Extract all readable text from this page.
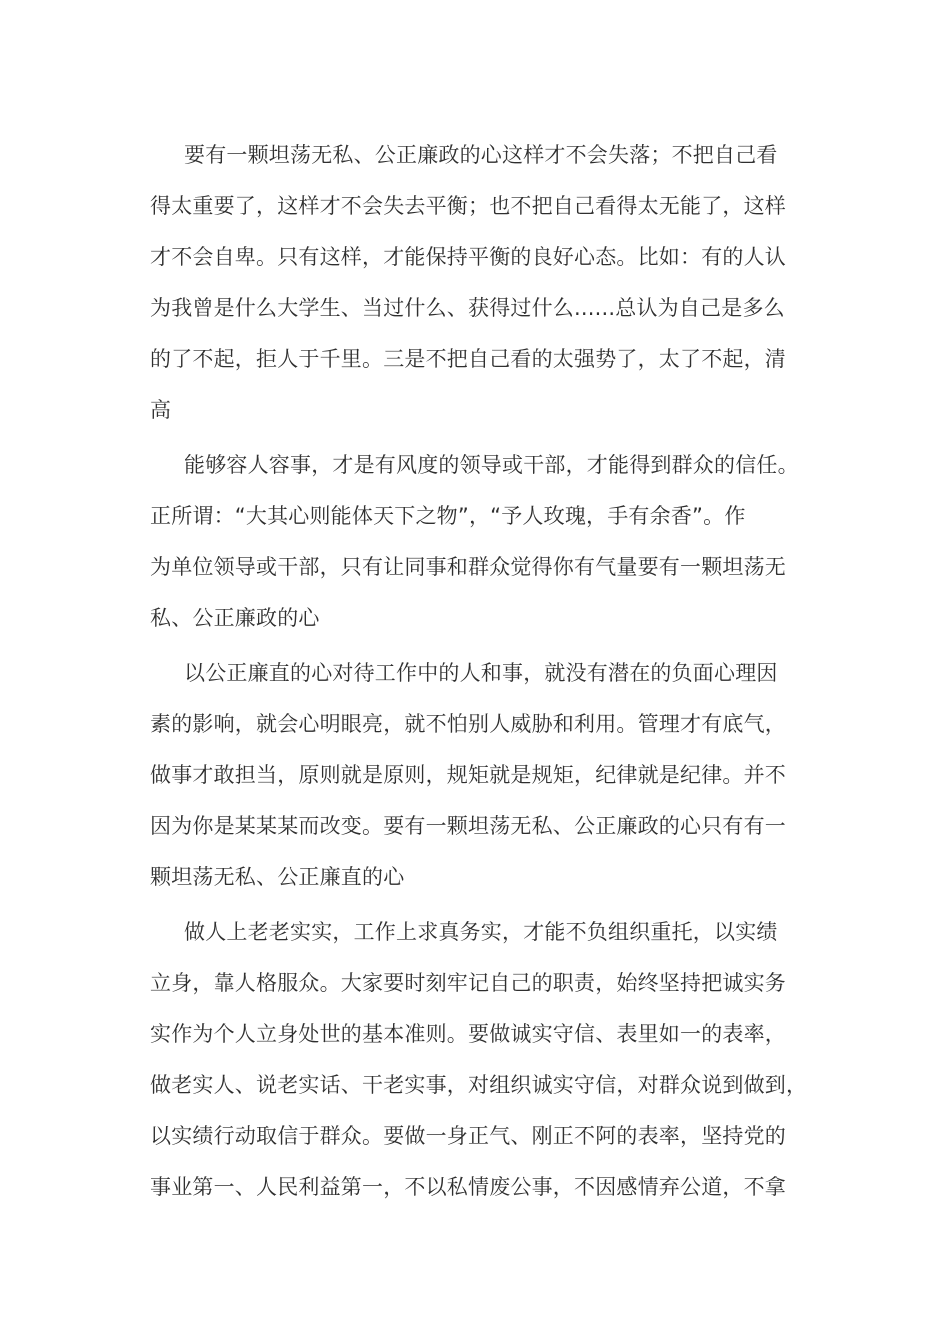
要有一颗坦荡无私、公正廉政的心这样才不会失落；不把自己看
得太重要了，这样才不会失去平衡；也不把自己看得太无能了，这样
才不会自卑。只有这样，才能保持平衡的良好心态。比如：有的人认
为我曾是什么大学生、当过什么、获得过什么......总认为自己是多么
的了不起，拒人于千里。三是不把自己看的太强势了，太了不起，清
高
能够容人容事，才是有风度的领导或干部，才能得到群众的信任。
正所谓：“大其心则能体天下之物”，“予人玫瑰，手有余香”。作
为单位领导或干部，只有让同事和群众觉得你有气量要有一颗坦荡无
私、公正廉政的心
以公正廉直的心对待工作中的人和事，就没有潜在的负面心理因
素的影响，就会心明眼亮，就不怕别人威胁和利用。管理才有底气，
做事才敢担当，原则就是原则，规矩就是规矩，纪律就是纪律。并不
因为你是某某某而改变。要有一颗坦荡无私、公正廉政的心只有有一
颗坦荡无私、公正廉直的心
做人上老老实实，工作上求真务实，才能不负组织重托，以实绩
立身，靠人格服众。大家要时刻牢记自己的职责，始终坚持把诚实务
实作为个人立身处世的基本准则。要做诚实守信、表里如一的表率，
做老实人、说老实话、干老实事，对组织诚实守信，对群众说到做到，
以实绩行动取信于群众。要做一身正气、刚正不阿的表率，坚持党的
事业第一、人民利益第一，不以私情废公事，不因感情弃公道，不拿
